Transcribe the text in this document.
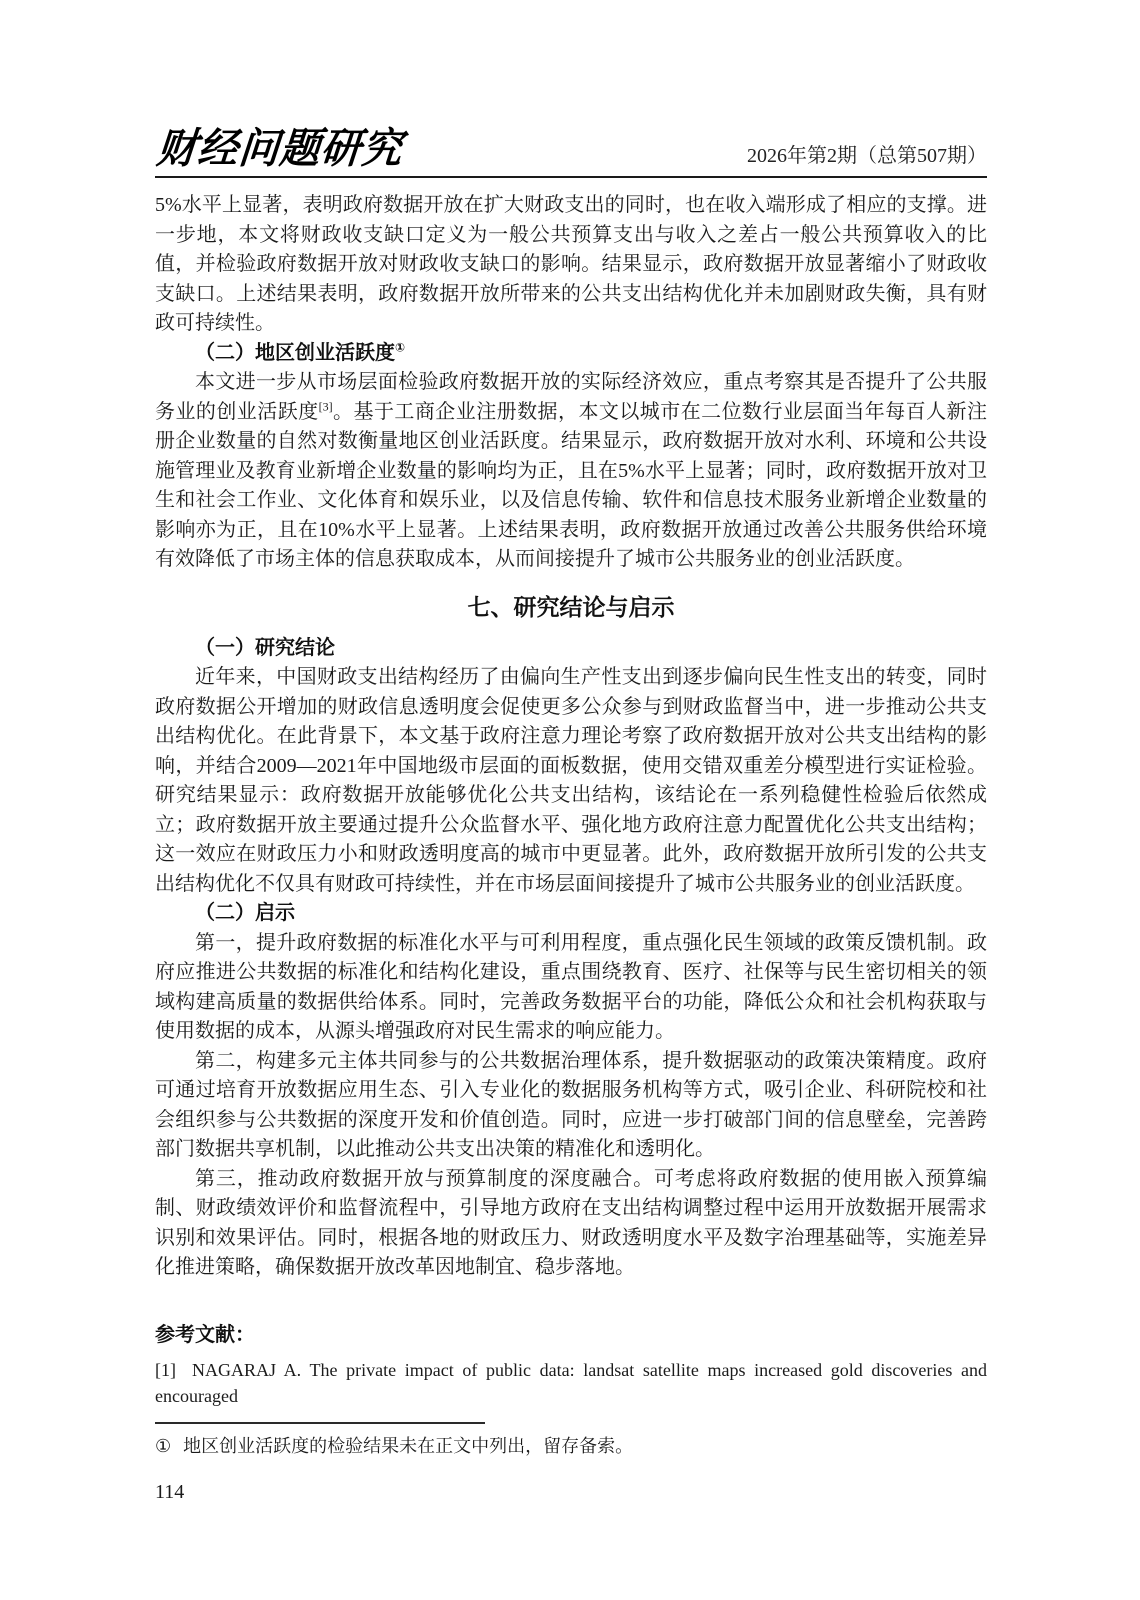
财经问题研究	2026年第2期（总第507期）

5%水平上显著，表明政府数据开放在扩大财政支出的同时，也在收入端形成了相应的支撑。进一步地，本文将财政收支缺口定义为一般公共预算支出与收入之差占一般公共预算收入的比值，并检验政府数据开放对财政收支缺口的影响。结果显示，政府数据开放显著缩小了财政收支缺口。上述结果表明，政府数据开放所带来的公共支出结构优化并未加剧财政失衡，具有财政可持续性。

（二）地区创业活跃度①

本文进一步从市场层面检验政府数据开放的实际经济效应，重点考察其是否提升了公共服务业的创业活跃度[3]。基于工商企业注册数据，本文以城市在二位数行业层面当年每百人新注册企业数量的自然对数衡量地区创业活跃度。结果显示，政府数据开放对水利、环境和公共设施管理业及教育业新增企业数量的影响均为正，且在5%水平上显著；同时，政府数据开放对卫生和社会工作业、文化体育和娱乐业，以及信息传输、软件和信息技术服务业新增企业数量的影响亦为正，且在10%水平上显著。上述结果表明，政府数据开放通过改善公共服务供给环境有效降低了市场主体的信息获取成本，从而间接提升了城市公共服务业的创业活跃度。

七、研究结论与启示

（一）研究结论

近年来，中国财政支出结构经历了由偏向生产性支出到逐步偏向民生性支出的转变，同时政府数据公开增加的财政信息透明度会促使更多公众参与到财政监督当中，进一步推动公共支出结构优化。在此背景下，本文基于政府注意力理论考察了政府数据开放对公共支出结构的影响，并结合2009—2021年中国地级市层面的面板数据，使用交错双重差分模型进行实证检验。研究结果显示：政府数据开放能够优化公共支出结构，该结论在一系列稳健性检验后依然成立；政府数据开放主要通过提升公众监督水平、强化地方政府注意力配置优化公共支出结构；这一效应在财政压力小和财政透明度高的城市中更显著。此外，政府数据开放所引发的公共支出结构优化不仅具有财政可持续性，并在市场层面间接提升了城市公共服务业的创业活跃度。

（二）启示

第一，提升政府数据的标准化水平与可利用程度，重点强化民生领域的政策反馈机制。政府应推进公共数据的标准化和结构化建设，重点围绕教育、医疗、社保等与民生密切相关的领域构建高质量的数据供给体系。同时，完善政务数据平台的功能，降低公众和社会机构获取与使用数据的成本，从源头增强政府对民生需求的响应能力。

第二，构建多元主体共同参与的公共数据治理体系，提升数据驱动的政策决策精度。政府可通过培育开放数据应用生态、引入专业化的数据服务机构等方式，吸引企业、科研院校和社会组织参与公共数据的深度开发和价值创造。同时，应进一步打破部门间的信息壁垒，完善跨部门数据共享机制，以此推动公共支出决策的精准化和透明化。

第三，推动政府数据开放与预算制度的深度融合。可考虑将政府数据的使用嵌入预算编制、财政绩效评价和监督流程中，引导地方政府在支出结构调整过程中运用开放数据开展需求识别和效果评估。同时，根据各地的财政压力、财政透明度水平及数字治理基础等，实施差异化推进策略，确保数据开放改革因地制宜、稳步落地。

参考文献：
[1] NAGARAJ A. The private impact of public data: landsat satellite maps increased gold discoveries and encouraged
① 地区创业活跃度的检验结果未在正文中列出，留存备索。
114
